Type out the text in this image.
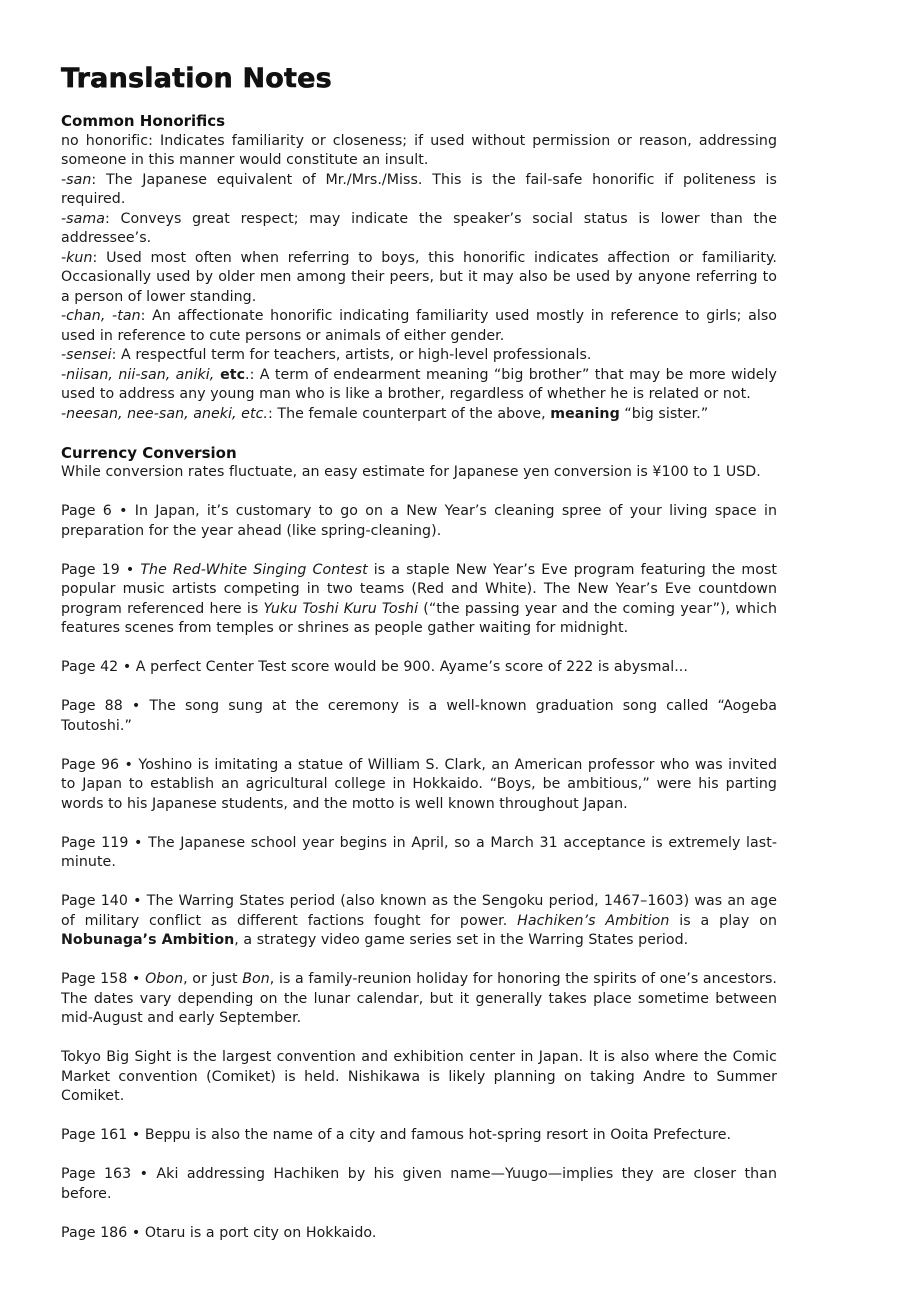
Translation Notes
Common Honorifics

no honorific: Indicates familiarity or closeness; if used without permission or reason, addressing someone in this manner would constitute an insult.

-san: The Japanese equivalent of Mr./Mrs./Miss. This is the fail-safe honorific if politeness is required.

-sama: Conveys great respect; may indicate the speaker’s social status is lower than the addressee’s.

-kun: Used most often when referring to boys, this honorific indicates affection or familiarity. Occasionally used by older men among their peers, but it may also be used by anyone referring to a person of lower standing.

-chan, -tan: An affectionate honorific indicating familiarity used mostly in reference to girls; also used in reference to cute persons or animals of either gender.

-sensei: A respectful term for teachers, artists, or high-level professionals.

-niisan, nii-san, aniki, etc.: A term of endearment meaning “big brother” that may be more widely used to address any young man who is like a brother, regardless of whether he is related or not.

-neesan, nee-san, aneki, etc.: The female counterpart of the above, meaning “big sister.”

Currency Conversion

While conversion rates fluctuate, an easy estimate for Japanese yen conversion is ¥100 to 1 USD.

Page 6 • In Japan, it’s customary to go on a New Year’s cleaning spree of your living space in preparation for the year ahead (like spring-cleaning).

Page 19 • The Red-White Singing Contest is a staple New Year’s Eve program featuring the most popular music artists competing in two teams (Red and White). The New Year’s Eve countdown program referenced here is Yuku Toshi Kuru Toshi (“the passing year and the coming year”), which features scenes from temples or shrines as people gather waiting for midnight.

Page 42 • A perfect Center Test score would be 900. Ayame’s score of 222 is abysmal...

Page 88 • The song sung at the ceremony is a well-known graduation song called “Aogeba Toutoshi.”

Page 96 • Yoshino is imitating a statue of William S. Clark, an American professor who was invited to Japan to establish an agricultural college in Hokkaido. “Boys, be ambitious,” were his parting words to his Japanese students, and the motto is well known throughout Japan.

Page 119 • The Japanese school year begins in April, so a March 31 acceptance is extremely last-minute.

Page 140 • The Warring States period (also known as the Sengoku period, 1467–1603) was an age of military conflict as different factions fought for power. Hachiken’s Ambition is a play on Nobunaga’s Ambition, a strategy video game series set in the Warring States period.

Page 158 • Obon, or just Bon, is a family-reunion holiday for honoring the spirits of one’s ancestors. The dates vary depending on the lunar calendar, but it generally takes place sometime between mid-August and early September.

Tokyo Big Sight is the largest convention and exhibition center in Japan. It is also where the Comic Market convention (Comiket) is held. Nishikawa is likely planning on taking Andre to Summer Comiket.

Page 161 • Beppu is also the name of a city and famous hot-spring resort in Ooita Prefecture.

Page 163 • Aki addressing Hachiken by his given name—Yuugo—implies they are closer than before.

Page 186 • Otaru is a port city on Hokkaido.
